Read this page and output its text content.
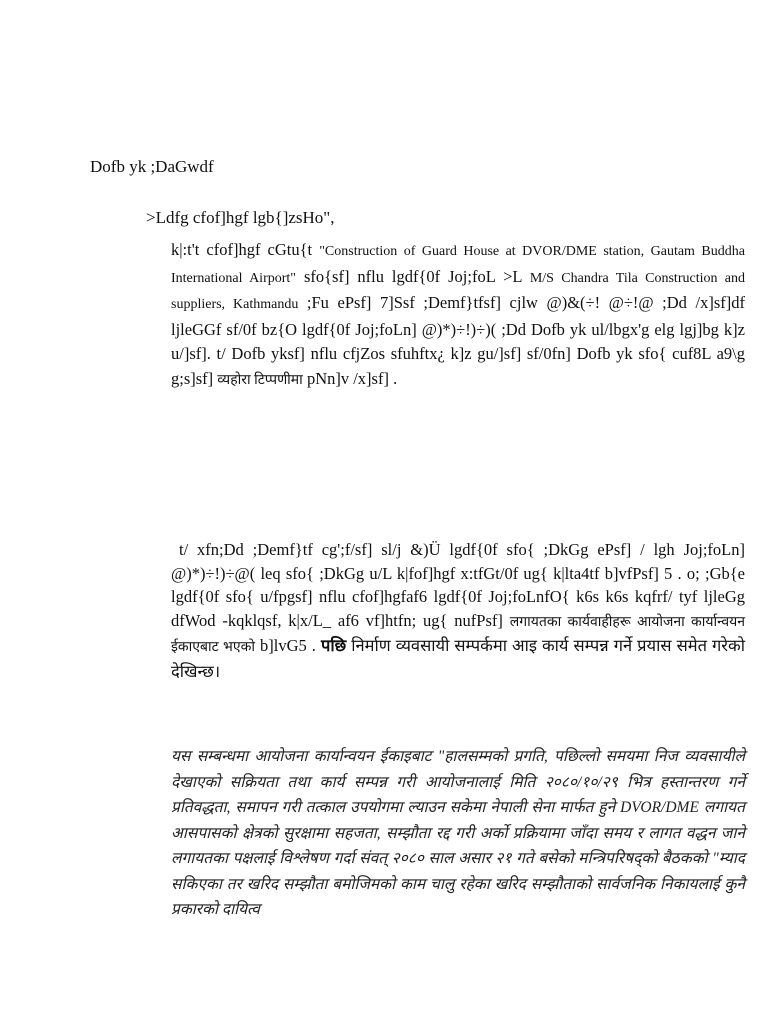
Dofb yk ;DaGwdf
>Ldfg cfof]hgf lgb{]zsHo",
k|:t't cfof]hgf cGtu{t "Construction of Guard House at DVOR/DME station, Gautam Buddha International Airport" sfo{sf] nflu lgdf{0f Joj;foL >L M/S Chandra Tila Construction and suppliers, Kathmandu ;Fu ePsf] 7]Ssf ;Demf}tfsf] cjlw @)&(÷! @÷!@ ;Dd /x]sf]df ljleGGf sf/0f bz{O lgdf{0f Joj;foLn] @)*)÷!)÷)( ;Dd Dofb yk ul/lbgx'g elg lgj]bg k]z u/]sf]. t/ Dofb yksf] nflu cfjZos sfuhftx¿ k]z gu/]sf] sf/0fn] Dofb yk sfo{ cuf8L a9\g g;s]sf] व्यहोरा टिप्पणीमा pNn]v /x]sf] .
t/ xfn;Dd ;Demf}tf cg';f/sf] sl/j &)Ü lgdf{0f sfo{ ;DkGg ePsf] / lgh Joj;foLn] @)*)÷!)÷@( leq sfo{ ;DkGg u/L k|fof]hgf x:tfGt/0f ug{ k|lta4tf b]vfPsf] 5 . o; ;Gb{e lgdf{0f sfo{ u/fpgsf] nflu cfof]hgfaf6 lgdf{0f Joj;foLnfO{ k6s k6s kqfrf/ tyf ljleGg dfWod -kqklqsf, k|x/L_ af6 vf]htfn; ug{ nufPsf] लगायतका कार्यवाहीहरू आयोजना कार्यान्वयन ईकाएबाट भएको b]lvG5 . पछि निर्माण व्यवसायी सम्पर्कमा आइ कार्य सम्पन्न गर्ने प्रयास समेत गरेको देखिन्छ।
यस सम्बन्धमा आयोजना कार्यान्वयन ईकाइबाट "हालसम्मको प्रगति, पछिल्लो समयमा निज व्यवसायीले देखाएको सक्रियता तथा कार्य सम्पन्न गरी आयोजनालाई मिति २०८०/१०/२९ भित्र हस्तान्तरण गर्ने प्रतिवद्धता, समापन गरी तत्काल उपयोगमा ल्याउन सकेमा नेपाली सेना मार्फत हुने DVOR/DME लगायत आसपासको क्षेत्रको सुरक्षामा सहजता, सम्झौता रद्द गरी अर्को प्रक्रियामा जाँदा समय र लागत वद्धन जाने लगायतका पक्षलाई विश्लेषण गर्दा संवत् २०८० साल असार २१ गते बसेको मन्त्रिपरिषद्को बैठकको "म्याद सकिएका तर खरिद सम्झौता बमोजिमको काम चालु रहेका खरिद सम्झौताको सार्वजनिक निकायलाई कुनै प्रकारको दायित्व
